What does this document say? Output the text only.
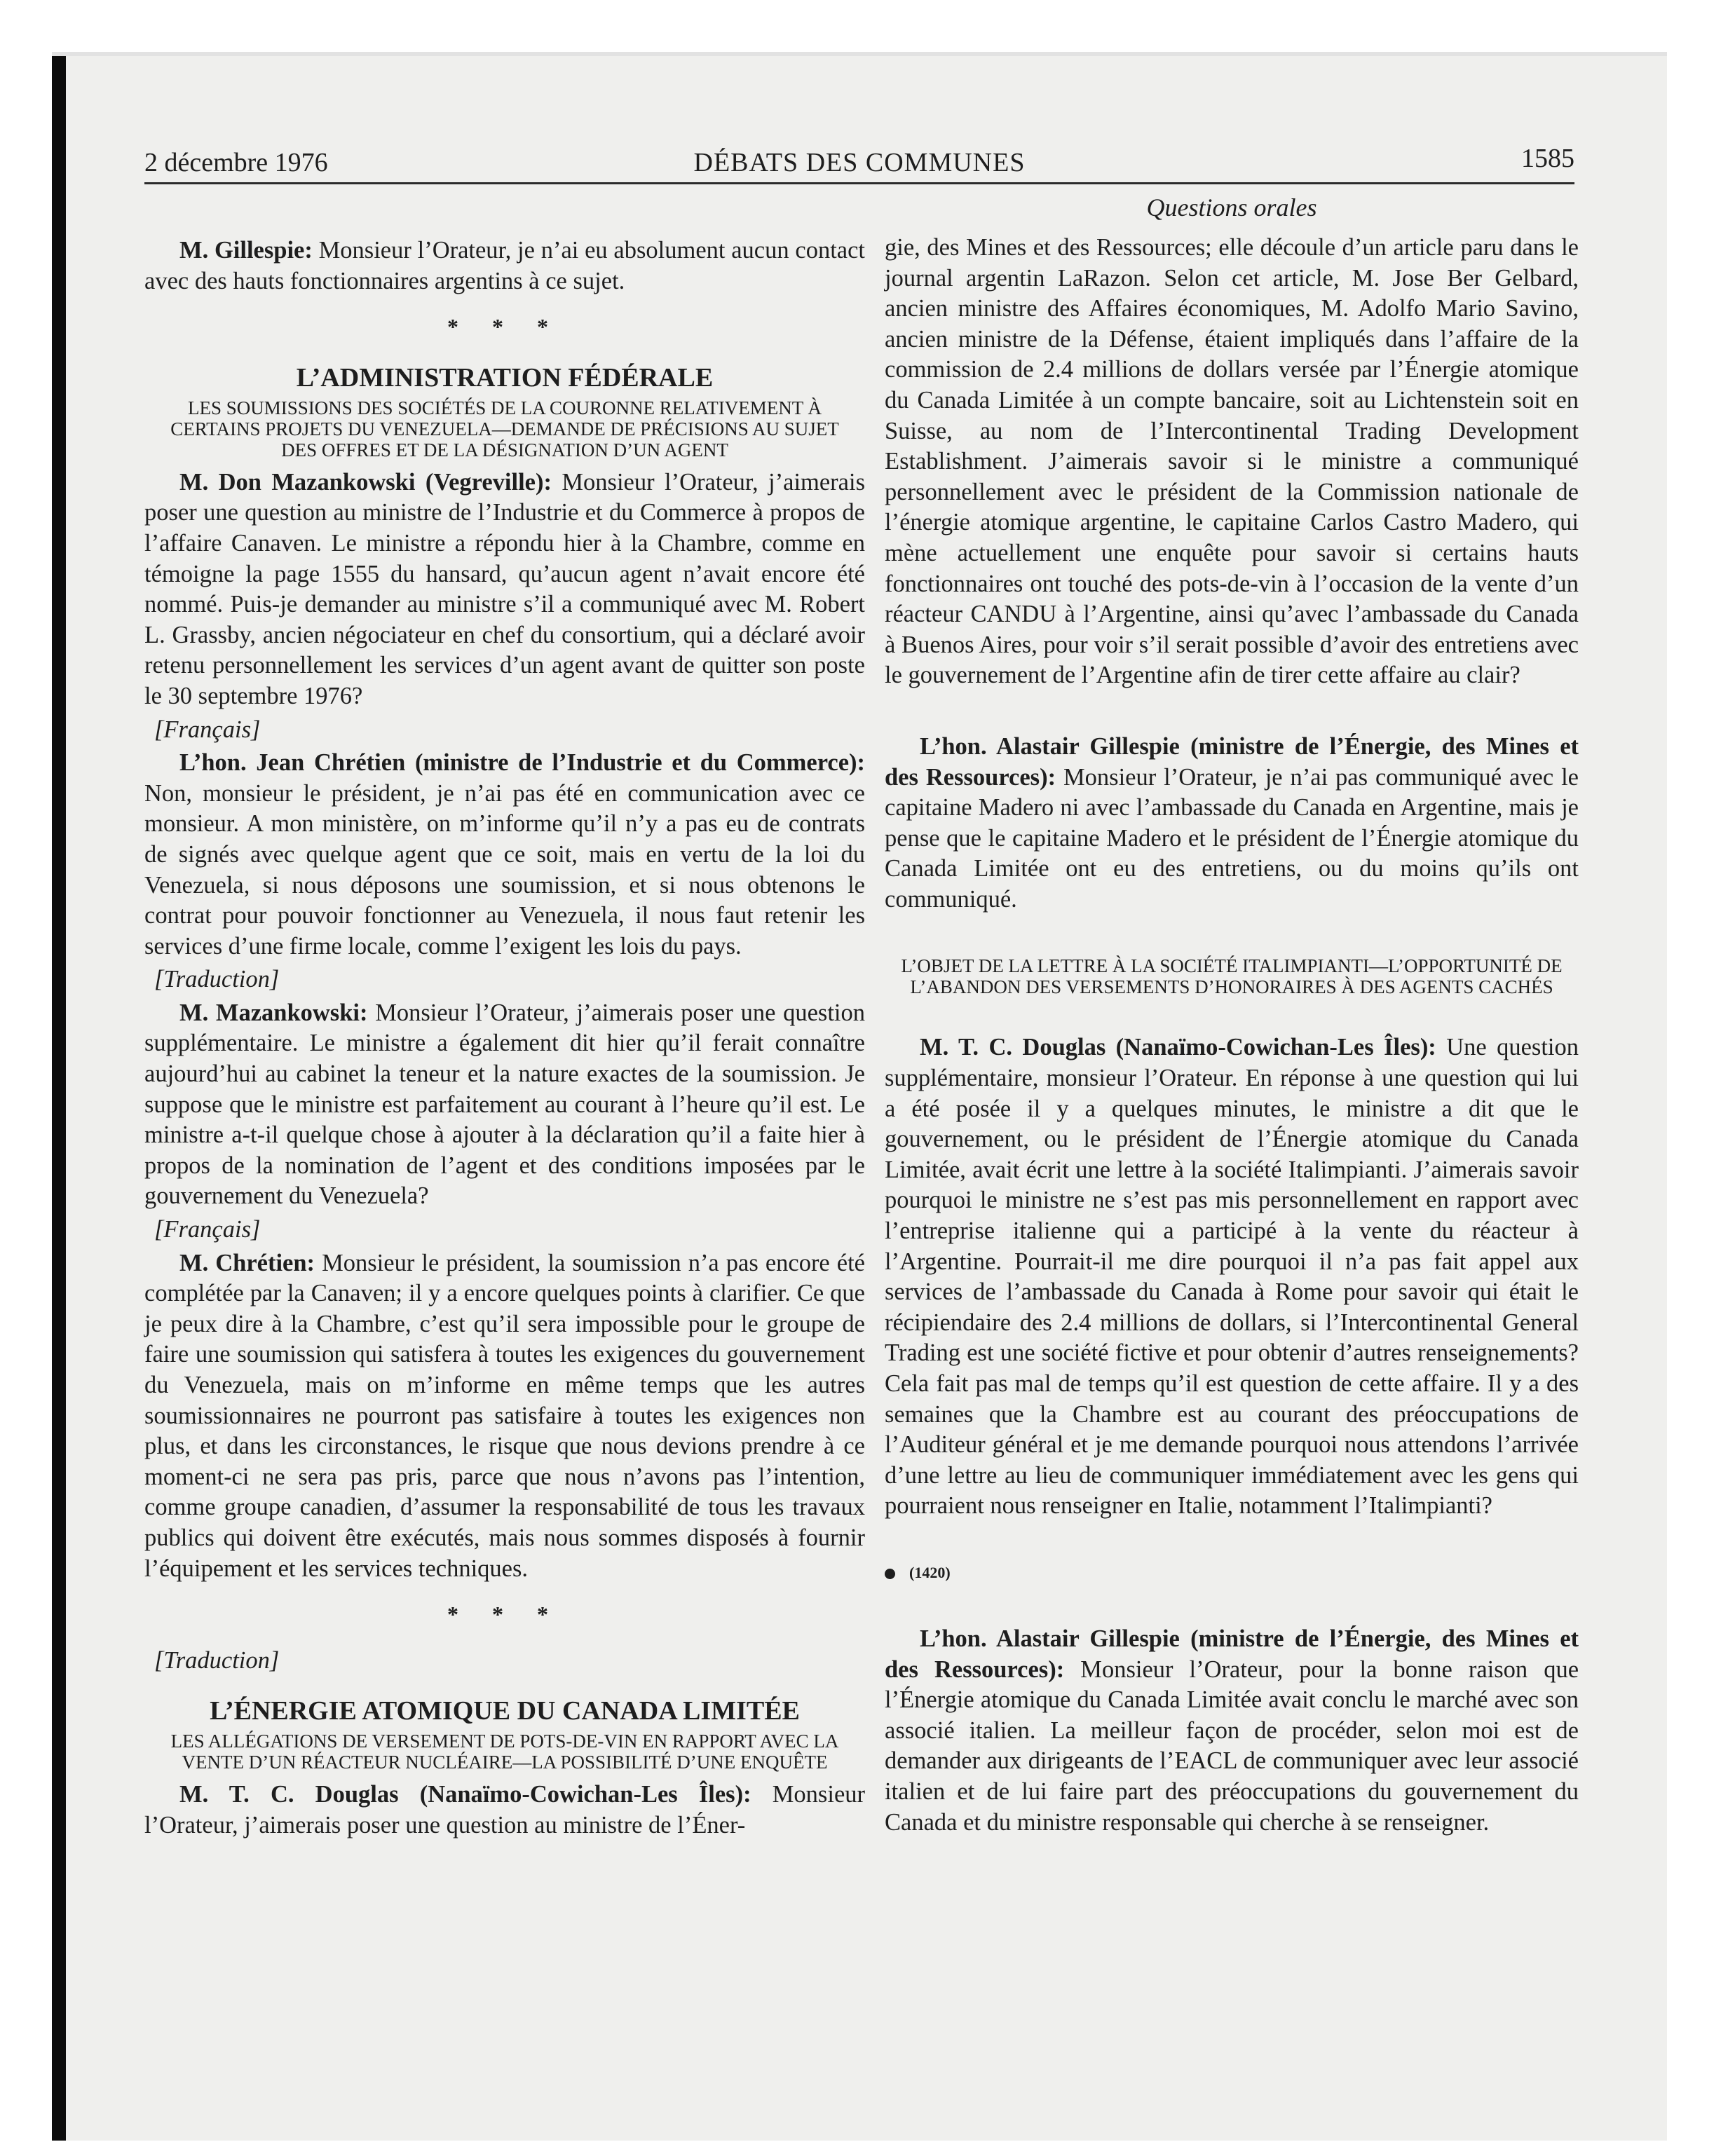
2 décembre 1976	DÉBATS DES COMMUNES	1585

M. Gillespie: Monsieur l’Orateur, je n’ai eu absolument aucun contact avec des hauts fonctionnaires argentins à ce sujet.

* * *
L’ADMINISTRATION FÉDÉRALE
LES SOUMISSIONS DES SOCIÉTÉS DE LA COURONNE RELATIVEMENT À CERTAINS PROJETS DU VENEZUELA—DEMANDE DE PRÉCISIONS AU SUJET DES OFFRES ET DE LA DÉSIGNATION D’UN AGENT

M. Don Mazankowski (Vegreville): Monsieur l’Orateur, j’aimerais poser une question au ministre de l’Industrie et du Commerce à propos de l’affaire Canaven. Le ministre a répondu hier à la Chambre, comme en témoigne la page 1555 du hansard, qu’aucun agent n’avait encore été nommé. Puis-je demander au ministre s’il a communiqué avec M. Robert L. Grassby, ancien négociateur en chef du consortium, qui a déclaré avoir retenu personnellement les services d’un agent avant de quitter son poste le 30 septembre 1976?

[Français]

L’hon. Jean Chrétien (ministre de l’Industrie et du Commerce): Non, monsieur le président, je n’ai pas été en communication avec ce monsieur. A mon ministère, on m’informe qu’il n’y a pas eu de contrats de signés avec quelque agent que ce soit, mais en vertu de la loi du Venezuela, si nous déposons une soumission, et si nous obtenons le contrat pour pouvoir fonctionner au Venezuela, il nous faut retenir les services d’une firme locale, comme l’exigent les lois du pays.

[Traduction]

M. Mazankowski: Monsieur l’Orateur, j’aimerais poser une question supplémentaire. Le ministre a également dit hier qu’il ferait connaître aujourd’hui au cabinet la teneur et la nature exactes de la soumission. Je suppose que le ministre est parfaitement au courant à l’heure qu’il est. Le ministre a-t-il quelque chose à ajouter à la déclaration qu’il a faite hier à propos de la nomination de l’agent et des conditions imposées par le gouvernement du Venezuela?

[Français]

M. Chrétien: Monsieur le président, la soumission n’a pas encore été complétée par la Canaven; il y a encore quelques points à clarifier. Ce que je peux dire à la Chambre, c’est qu’il sera impossible pour le groupe de faire une soumission qui satisfera à toutes les exigences du gouvernement du Venezuela, mais on m’informe en même temps que les autres soumissionnaires ne pourront pas satisfaire à toutes les exigences non plus, et dans les circonstances, le risque que nous devions prendre à ce moment-ci ne sera pas pris, parce que nous n’avons pas l’intention, comme groupe canadien, d’assumer la responsabilité de tous les travaux publics qui doivent être exécutés, mais nous sommes disposés à fournir l’équipement et les services techniques.

* * *

[Traduction]

L’ÉNERGIE ATOMIQUE DU CANADA LIMITÉE
LES ALLÉGATIONS DE VERSEMENT DE POTS-DE-VIN EN RAPPORT AVEC LA VENTE D’UN RÉACTEUR NUCLÉAIRE—LA POSSIBILITÉ D’UNE ENQUÊTE

M. T. C. Douglas (Nanaïmo-Cowichan-Les Îles): Monsieur l’Orateur, j’aimerais poser une question au ministre de l’Éner-

Questions orales

gie, des Mines et des Ressources; elle découle d’un article paru dans le journal argentin LaRazon. Selon cet article, M. Jose Ber Gelbard, ancien ministre des Affaires économiques, M. Adolfo Mario Savino, ancien ministre de la Défense, étaient impliqués dans l’affaire de la commission de 2.4 millions de dollars versée par l’Énergie atomique du Canada Limitée à un compte bancaire, soit au Lichtenstein soit en Suisse, au nom de l’Intercontinental Trading Development Establishment. J’aimerais savoir si le ministre a communiqué personnellement avec le président de la Commission nationale de l’énergie atomique argentine, le capitaine Carlos Castro Madero, qui mène actuellement une enquête pour savoir si certains hauts fonctionnaires ont touché des pots-de-vin à l’occasion de la vente d’un réacteur CANDU à l’Argentine, ainsi qu’avec l’ambassade du Canada à Buenos Aires, pour voir s’il serait possible d’avoir des entretiens avec le gouvernement de l’Argentine afin de tirer cette affaire au clair?

L’hon. Alastair Gillespie (ministre de l’Énergie, des Mines et des Ressources): Monsieur l’Orateur, je n’ai pas communiqué avec le capitaine Madero ni avec l’ambassade du Canada en Argentine, mais je pense que le capitaine Madero et le président de l’Énergie atomique du Canada Limitée ont eu des entretiens, ou du moins qu’ils ont communiqué.

L’OBJET DE LA LETTRE À LA SOCIÉTÉ ITALIMPIANTI—L’OPPORTUNITÉ DE L’ABANDON DES VERSEMENTS D’HONORAIRES À DES AGENTS CACHÉS

M. T. C. Douglas (Nanaïmo-Cowichan-Les Îles): Une question supplémentaire, monsieur l’Orateur. En réponse à une question qui lui a été posée il y a quelques minutes, le ministre a dit que le gouvernement, ou le président de l’Énergie atomique du Canada Limitée, avait écrit une lettre à la société Italimpianti. J’aimerais savoir pourquoi le ministre ne s’est pas mis personnellement en rapport avec l’entreprise italienne qui a participé à la vente du réacteur à l’Argentine. Pourrait-il me dire pourquoi il n’a pas fait appel aux services de l’ambassade du Canada à Rome pour savoir qui était le récipiendaire des 2.4 millions de dollars, si l’Intercontinental General Trading est une société fictive et pour obtenir d’autres renseignements? Cela fait pas mal de temps qu’il est question de cette affaire. Il y a des semaines que la Chambre est au courant des préoccupations de l’Auditeur général et je me demande pourquoi nous attendons l’arrivée d’une lettre au lieu de communiquer immédiatement avec les gens qui pourraient nous renseigner en Italie, notamment l’Italimpianti?

(1420)

L’hon. Alastair Gillespie (ministre de l’Énergie, des Mines et des Ressources): Monsieur l’Orateur, pour la bonne raison que l’Énergie atomique du Canada Limitée avait conclu le marché avec son associé italien. La meilleur façon de procéder, selon moi est de demander aux dirigeants de l’EACL de communiquer avec leur associé italien et de lui faire part des préoccupations du gouvernement du Canada et du ministre responsable qui cherche à se renseigner.
